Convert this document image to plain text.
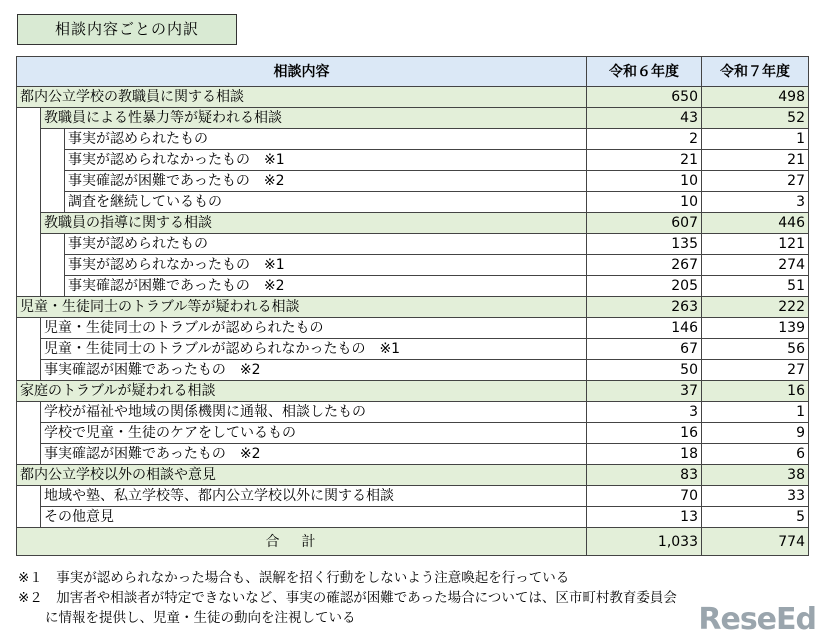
相談内容ごとの内訳
相談内容			令和６年度	令和７年度
都内公立学校の教職員に関する相談			650	498
	教職員による性暴力等が疑われる相談		43	52
		事実が認められたもの	2	1
		事実が認められなかったもの　※1	21	21
		事実確認が困難であったもの　※2	10	27
		調査を継続しているもの	10	3
	教職員の指導に関する相談		607	446
		事実が認められたもの	135	121
		事実が認められなかったもの　※1	267	274
		事実確認が困難であったもの　※2	205	51
児童・生徒同士のトラブル等が疑われる相談			263	222
	児童・生徒同士のトラブルが認められたもの		146	139
	児童・生徒同士のトラブルが認められなかったもの　※1		67	56
	事実確認が困難であったもの　※2		50	27
家庭のトラブルが疑われる相談			37	16
	学校が福祉や地域の関係機関に通報、相談したもの		3	1
	学校で児童・生徒のケアをしているもの		16	9
	事実確認が困難であったもの　※2		18	6
都内公立学校以外の相談や意見			83	38
	地域や塾、私立学校等、都内公立学校以外に関する相談		70	33
	その他意見		13	5
合計			1,033	774
※１　事実が認められなかった場合も、誤解を招く行動をしないよう注意喚起を行っている
※２　加害者や相談者が特定できないなど、事実の確認が困難であった場合については、区市町村教育委員会
　　に情報を提供し、児童・生徒の動向を注視している	ReseEd
